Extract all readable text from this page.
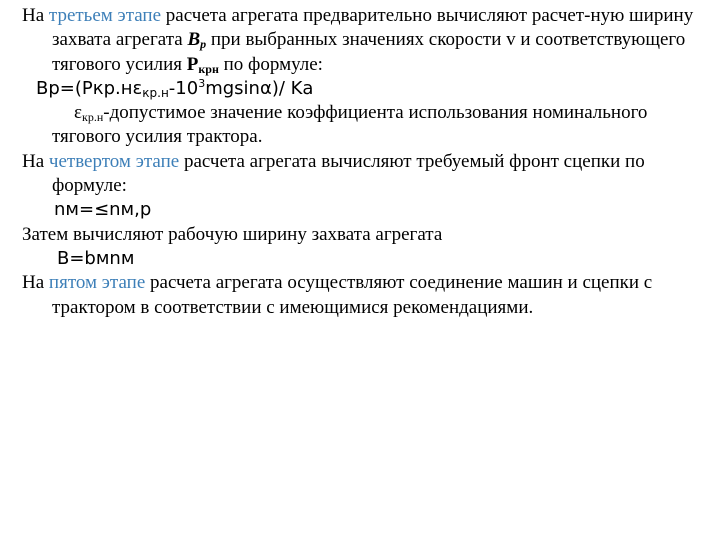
На третьем этапе расчета агрегата предварительно вычисляют расчет-ную ширину захвата агрегата $B_p$ при выбранных значениях скорости v и соответствующего тягового усилия $P_{крн}$ по формуле:

$Bр=(Pкр.н\varepsilon_{кр.н}-10^3mgsin\alpha)/$ Kа

$\varepsilon_{кр.н}$-допустимое значение коэффициента использования номинального тягового усилия трактора.

На четвертом этапе расчета агрегата вычисляют требуемый фронт сцепки по формуле:

nм=≤nм,р

Затем вычисляют рабочую ширину захвата агрегата

B=bмnм

На пятом этапе расчета агрегата осуществляют соединение машин и сцепки с трактором в соответствии с имеющимися рекомендациями.
